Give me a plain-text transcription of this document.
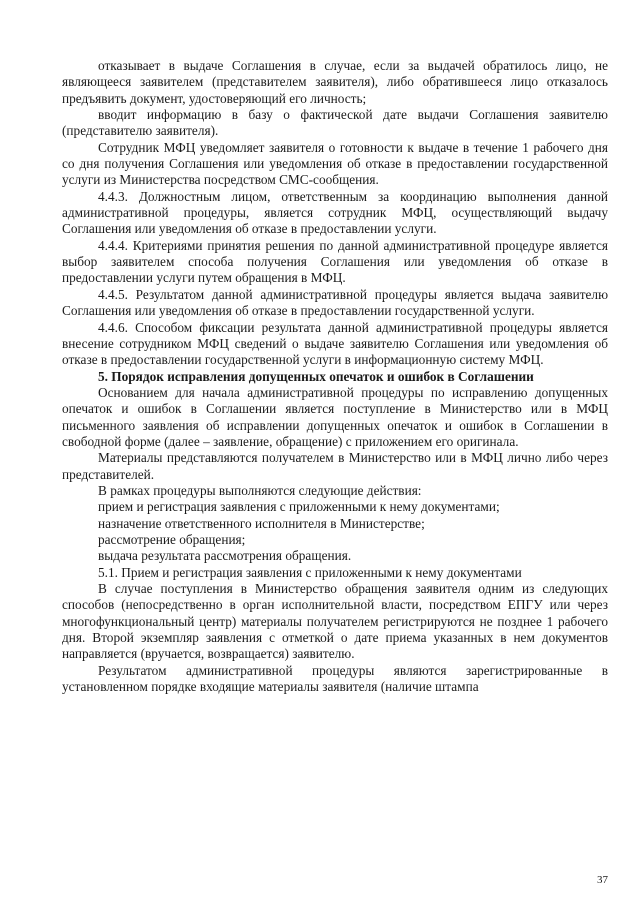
отказывает в выдаче Соглашения в случае, если за выдачей обратилось лицо, не являющееся заявителем (представителем заявителя), либо обратившееся лицо отказалось предъявить документ, удостоверяющий его личность;

вводит информацию в базу о фактической дате выдачи Соглашения заявителю (представителю заявителя).

Сотрудник МФЦ уведомляет заявителя о готовности к выдаче в течение 1 рабочего дня со дня получения Соглашения или уведомления об отказе в предоставлении государственной услуги из Министерства посредством СМС-сообщения.

4.4.3. Должностным лицом, ответственным за координацию выполнения данной административной процедуры, является сотрудник МФЦ, осуществляющий выдачу Соглашения или уведомления об отказе в предоставлении услуги.

4.4.4. Критериями принятия решения по данной административной процедуре является выбор заявителем способа получения Соглашения или уведомления об отказе в предоставлении услуги путем обращения в МФЦ.

4.4.5. Результатом данной административной процедуры является выдача заявителю Соглашения или уведомления об отказе в предоставлении государственной услуги.

4.4.6. Способом фиксации результата данной административной процедуры является внесение сотрудником МФЦ сведений о выдаче заявителю Соглашения или уведомления об отказе в предоставлении государственной услуги в информационную систему МФЦ.

5. Порядок исправления допущенных опечаток и ошибок в Соглашении

Основанием для начала административной процедуры по исправлению допущенных опечаток и ошибок в Соглашении является поступление в Министерство или в МФЦ письменного заявления об исправлении допущенных опечаток и ошибок в Соглашении в свободной форме (далее – заявление, обращение) с приложением его оригинала.

Материалы представляются получателем в Министерство или в МФЦ лично либо через представителей.

В рамках процедуры выполняются следующие действия:

прием и регистрация заявления с приложенными к нему документами;

назначение ответственного исполнителя в Министерстве;

рассмотрение обращения;

выдача результата рассмотрения обращения.

5.1. Прием и регистрация заявления с приложенными к нему документами

В случае поступления в Министерство обращения заявителя одним из следующих способов (непосредственно в орган исполнительной власти, посредством ЕПГУ или через многофункциональный центр) материалы получателем регистрируются не позднее 1 рабочего дня. Второй экземпляр заявления с отметкой о дате приема указанных в нем документов направляется (вручается, возвращается) заявителю.

Результатом административной процедуры являются зарегистрированные в установленном порядке входящие материалы заявителя (наличие штампа

37
